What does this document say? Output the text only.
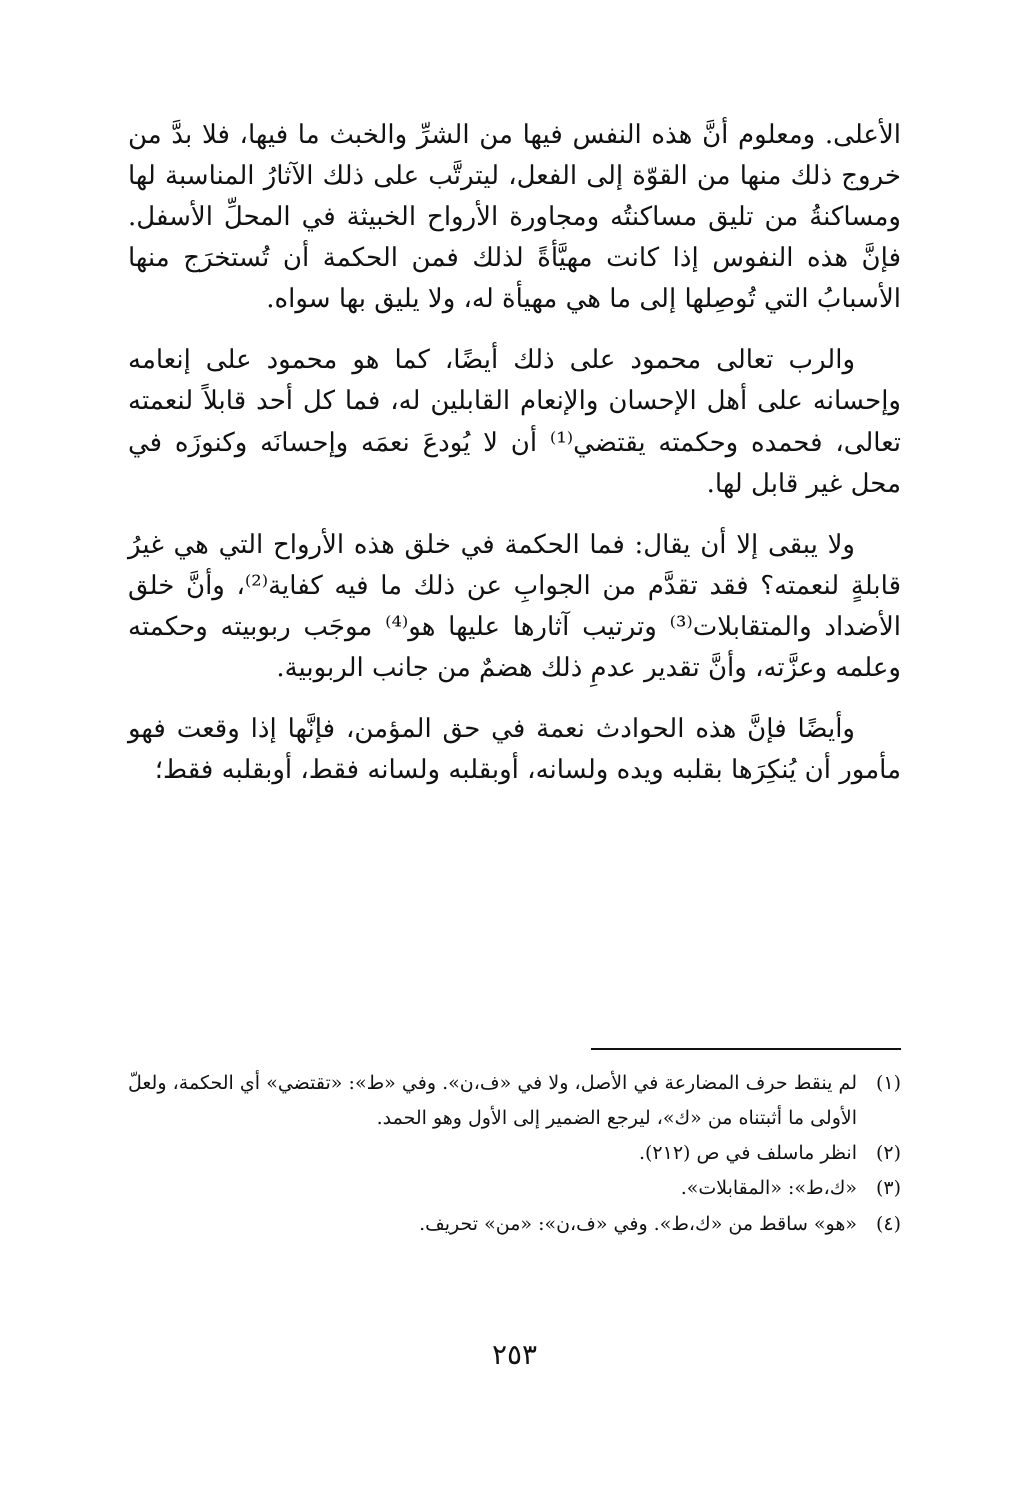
الأعلى. ومعلوم أنَّ هذه النفس فيها من الشرِّ والخبث ما فيها، فلا بدَّ من خروج ذلك منها من القوّة إلى الفعل، ليترتَّب على ذلك الآثارُ المناسبة لها ومساكنةُ من تليق مساكنتُه ومجاورة الأرواح الخبيثة في المحلِّ الأسفل. فإنَّ هذه النفوس إذا كانت مهيَّأةً لذلك فمن الحكمة أن تُستخرَج منها الأسبابُ التي تُوصِلها إلى ما هي مهيأة له، ولا يليق بها سواه.

والرب تعالى محمود على ذلك أيضًا، كما هو محمود على إنعامه وإحسانه على أهل الإحسان والإنعام القابلين له، فما كل أحد قابلاً لنعمته تعالى، فحمده وحكمته يقتضي⁽¹⁾ أن لا يُودعَ نعمَه وإحسانَه وكنوزَه في محل غير قابل لها.

ولا يبقى إلا أن يقال: فما الحكمة في خلق هذه الأرواح التي هي غيرُ قابلةٍ لنعمته؟ فقد تقدَّم من الجوابِ عن ذلك ما فيه كفاية⁽²⁾، وأنَّ خلق الأضداد والمتقابلات⁽³⁾ وترتيب آثارها عليها هو⁽⁴⁾ موجَب ربوبيته وحكمته وعلمه وعزَّته، وأنَّ تقدير عدمِ ذلك هضمٌ من جانب الربوبية.

وأيضًا فإنَّ هذه الحوادث نعمة في حق المؤمن، فإنَّها إذا وقعت فهو مأمور أن يُنكِرَها بقلبه ويده ولسانه، أوبقلبه ولسانه فقط، أوبقلبه فقط؛

(١)
لم ينقط حرف المضارعة في الأصل، ولا في «ف،ن». وفي «ط»: «تقتضي» أي الحكمة، ولعلّ الأولى ما أثبتناه من «ك»، ليرجع الضمير إلى الأول وهو الحمد.
(٢)
انظر ماسلف في ص (٢١٢).
(٣)
«ك،ط»: «المقابلات».
(٤)
«هو» ساقط من «ك،ط». وفي «ف،ن»: «من» تحريف.
٢٥٣
